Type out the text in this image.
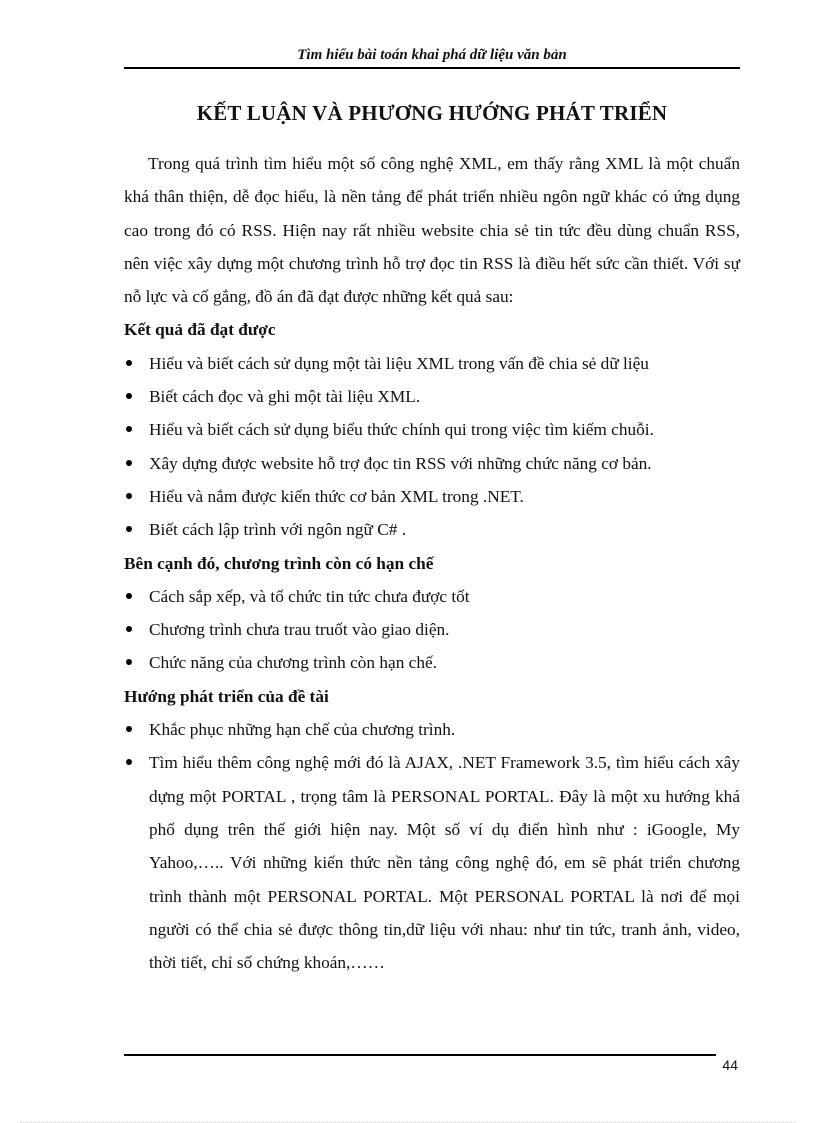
Tìm hiểu bài toán khai phá dữ liệu văn bản
KẾT LUẬN VÀ PHƯƠNG HƯỚNG PHÁT TRIỂN

Trong quá trình tìm hiểu một số công nghệ XML, em thấy rằng XML là một chuẩn khá thân thiện, dễ đọc hiểu, là nền tảng để phát triển nhiều ngôn ngữ khác có ứng dụng cao trong đó có RSS. Hiện nay rất nhiều website chia sẻ tin tức đều dùng chuẩn RSS, nên việc xây dựng một chương trình hỗ trợ đọc tin RSS là điều hết sức cần thiết. Với sự nỗ lực và cố gắng, đồ án đã đạt được những kết quả sau:

Kết quả đã đạt được

Hiểu và biết cách sử dụng một tài liệu XML trong vấn đề chia sẻ dữ liệu
Biết cách đọc và ghi một tài liệu XML.
Hiểu và biết cách sử dụng biểu thức chính qui trong việc tìm kiếm chuỗi.
Xây dựng được website hỗ trợ đọc tin RSS với những chức năng cơ bản.
Hiểu và nắm được kiến thức cơ bản XML trong .NET.
Biết cách lập trình với ngôn ngữ C# .

Bên cạnh đó, chương trình còn có hạn chế

Cách sắp xếp, và tổ chức tin tức chưa được tốt
Chương trình chưa trau truốt vào giao diện.
Chức năng của chương trình còn hạn chế.

Hướng phát triển của đề tài

Khắc phục những hạn chế của chương trình.
Tìm hiểu thêm công nghệ mới đó là AJAX, .NET Framework 3.5, tìm hiểu cách xây dựng một PORTAL , trọng tâm là PERSONAL PORTAL. Đây là một xu hướng khá phổ dụng trên thế giới hiện nay. Một số ví dụ điển hình như : iGoogle, My Yahoo,….. Với những kiến thức nền tảng công nghệ đó, em sẽ phát triển chương trình thành một PERSONAL PORTAL. Một PERSONAL PORTAL là nơi để mọi người có thể chia sẻ được thông tin,dữ liệu với nhau: như tin tức, tranh ảnh, video, thời tiết, chỉ số chứng khoán,……
44
